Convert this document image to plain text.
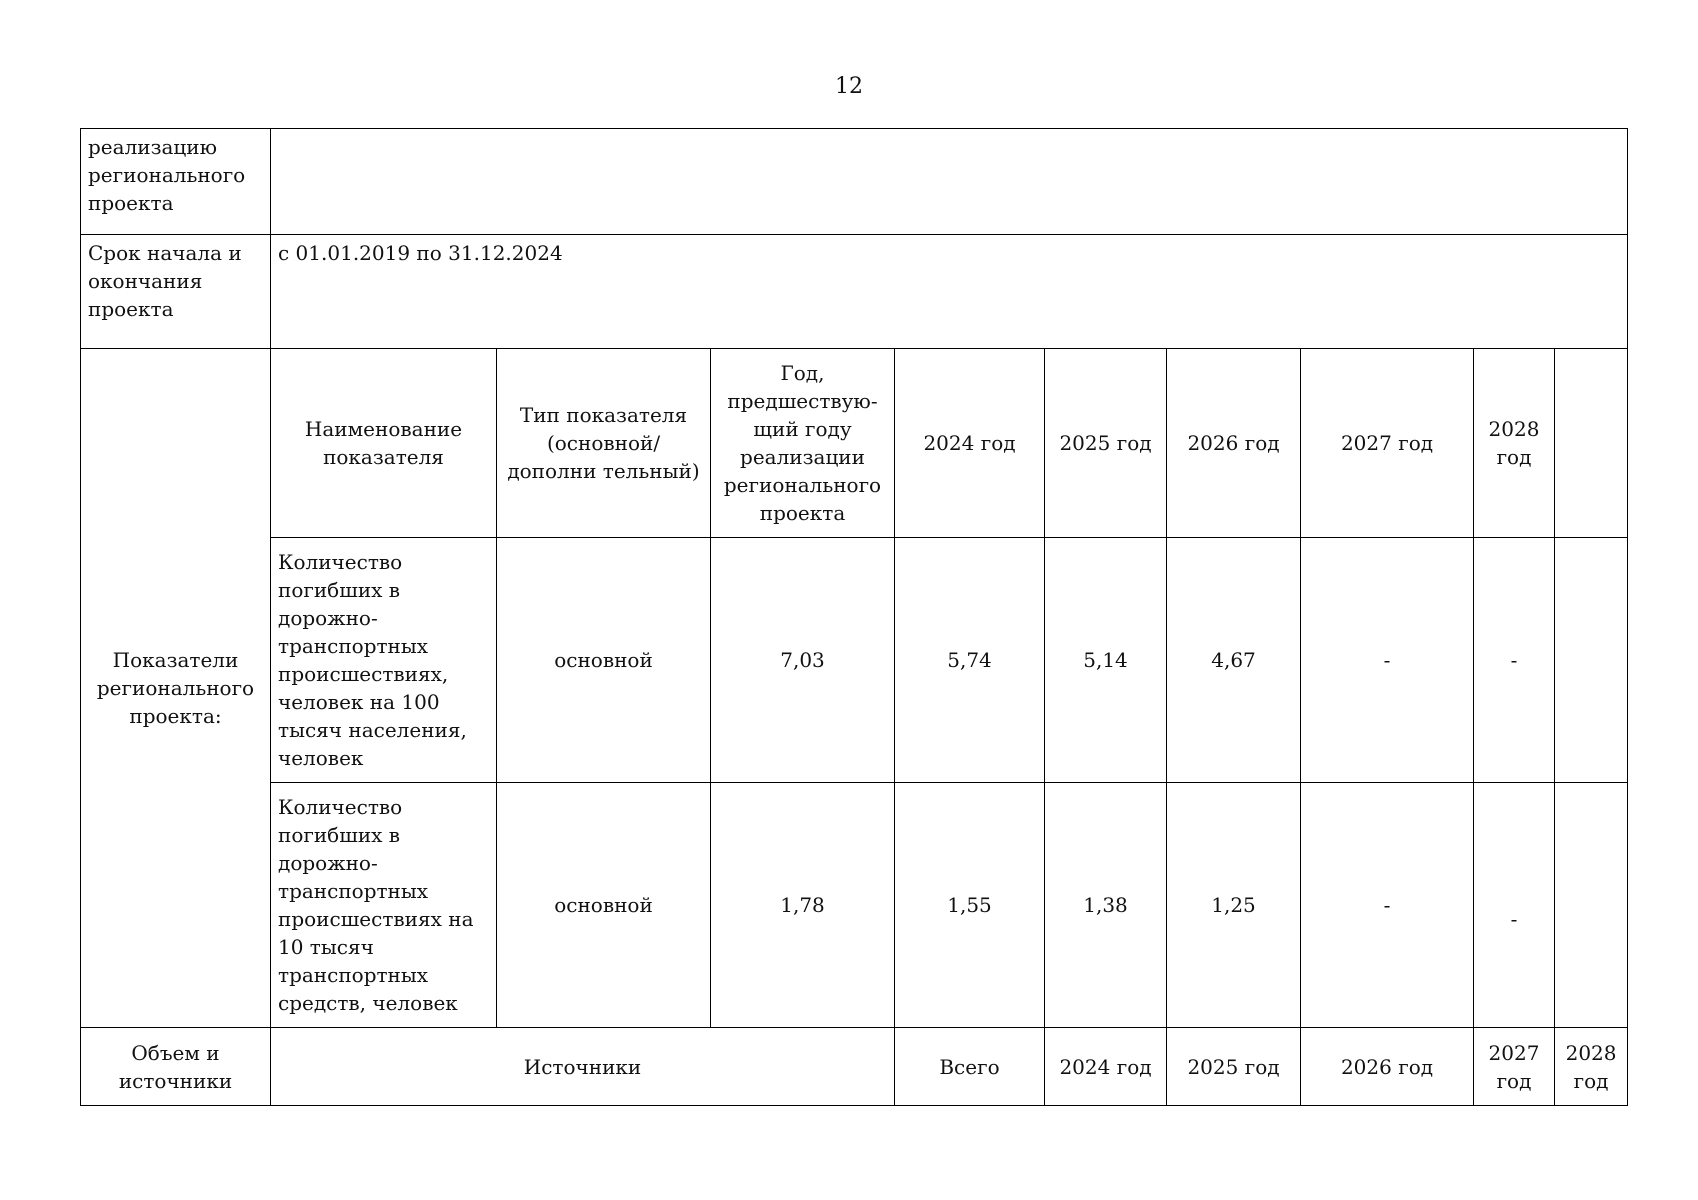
12
реализацию регионального проекта									
Срок начала и окончания проекта	с 01.01.2019 по 31.12.2024								
Показатели регионального проекта:	Наименование показателя	Тип показателя (основной/дополни тельный)	Год, предшествую-щий году реализации регионального проекта	2024 год	2025 год	2026 год	2027 год	2028 год	
	Количество погибших в дорожно-транспортных происшествиях, человек на 100 тысяч населения, человек	основной	7,03	5,74	5,14	4,67	-	-	
	Количество погибших в дорожно-транспортных происшествиях на 10 тысяч транспортных средств, человек	основной	1,78	1,55	1,38	1,25	-	-	

Объем и источники	Источники			Всего	2024 год	2025 год	2026 год	2027 год	2028 год
